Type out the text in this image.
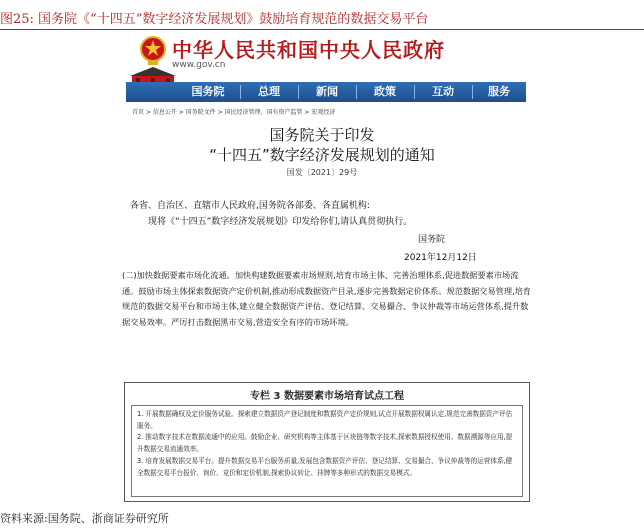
图25: 国务院《“十四五”数字经济发展规划》鼓励培育规范的数据交易平台
中华人民共和国中央人民政府
www.gov.cn
国务院	总理	新闻	政策	互动	服务
首页 > 信息公开 > 国务院文件 > 国民经济管理、国有资产监管 > 宏观经济
国务院关于印发
“十四五”数字经济发展规划的通知
国发〔2021〕29号
各省、自治区、直辖市人民政府,国务院各部委、各直属机构:
现将《“十四五”数字经济发展规划》印发给你们,请认真贯彻执行。
国务院
2021年12月12日
(二)加快数据要素市场化流通。加快构建数据要素市场规则,培育市场主体、完善治理体系,促进数据要素市场流通。鼓励市场主体探索数据资产定价机制,推动形成数据资产目录,逐步完善数据定价体系。规范数据交易管理,培育规范的数据交易平台和市场主体,建立健全数据资产评估、登记结算、交易撮合、争议仲裁等市场运营体系,提升数据交易效率。严厉打击数据黑市交易,营造安全有序的市场环境。
专栏 3 数据要素市场培育试点工程
1. 开展数据确权及定价服务试验。探索建立数据资产登记制度和数据资产定价规则,试点开展数据权属认定,规范完善数据资产评估服务。
2. 推动数字技术在数据流通中的应用。鼓励企业、研究机构等主体基于区块链等数字技术,探索数据授权使用、数据溯源等应用,提升数据交易流通效率。
3. 培育发展数据交易平台。提升数据交易平台服务质量,发展包含数据资产评估、登记结算、交易撮合、争议仲裁等的运营体系,健全数据交易平台报价、询价、竞价和定价机制,探索协议转让、挂牌等多种形式的数据交易模式。
资料来源:国务院、浙商证券研究所
